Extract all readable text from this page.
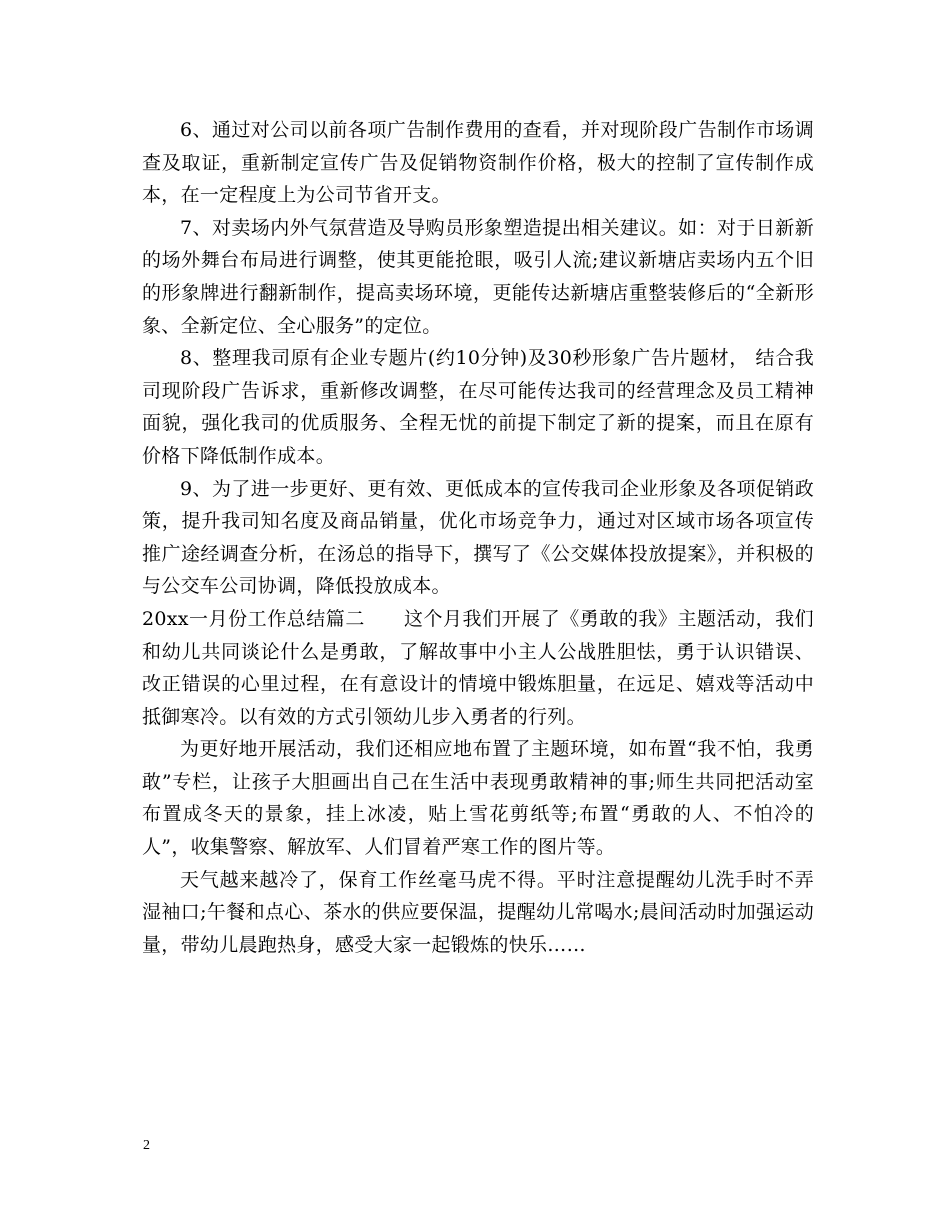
6、通过对公司以前各项广告制作费用的查看，并对现阶段广告制作市场调查及取证，重新制定宣传广告及促销物资制作价格，极大的控制了宣传制作成本，在一定程度上为公司节省开支。

7、对卖场内外气氛营造及导购员形象塑造提出相关建议。如：对于日新新的场外舞台布局进行调整，使其更能抢眼，吸引人流;建议新塘店卖场内五个旧的形象牌进行翻新制作，提高卖场环境，更能传达新塘店重整装修后的“全新形象、全新定位、全心服务”的定位。

8、整理我司原有企业专题片(约10分钟)及30秒形象广告片题材， 结合我司现阶段广告诉求，重新修改调整，在尽可能传达我司的经营理念及员工精神面貌，强化我司的优质服务、全程无忧的前提下制定了新的提案，而且在原有价格下降低制作成本。

9、为了进一步更好、更有效、更低成本的宣传我司企业形象及各项促销政策，提升我司知名度及商品销量，优化市场竞争力，通过对区域市场各项宣传推广途经调查分析，在汤总的指导下，撰写了《公交媒体投放提案》，并积极的与公交车公司协调，降低投放成本。

20xx一月份工作总结篇二　　这个月我们开展了《勇敢的我》主题活动，我们和幼儿共同谈论什么是勇敢，了解故事中小主人公战胜胆怯，勇于认识错误、改正错误的心里过程，在有意设计的情境中锻炼胆量，在远足、嬉戏等活动中抵御寒冷。以有效的方式引领幼儿步入勇者的行列。

为更好地开展活动，我们还相应地布置了主题环境，如布置“我不怕，我勇敢”专栏，让孩子大胆画出自己在生活中表现勇敢精神的事;师生共同把活动室布置成冬天的景象，挂上冰凌，贴上雪花剪纸等;布置“勇敢的人、不怕冷的人”，收集警察、解放军、人们冒着严寒工作的图片等。

天气越来越冷了，保育工作丝毫马虎不得。平时注意提醒幼儿洗手时不弄湿袖口;午餐和点心、茶水的供应要保温，提醒幼儿常喝水;晨间活动时加强运动量，带幼儿晨跑热身，感受大家一起锻炼的快乐……

2
